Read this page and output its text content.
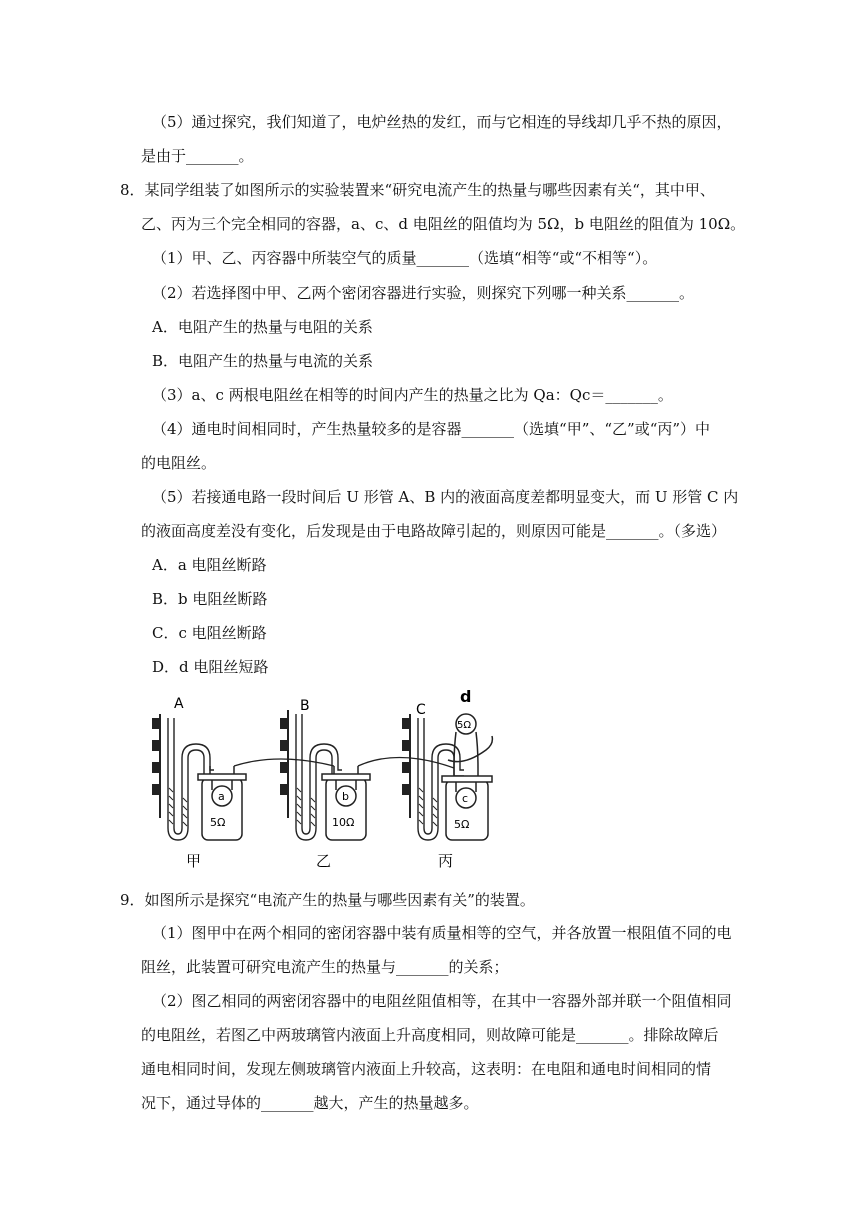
（5）通过探究，我们知道了，电炉丝热的发红，而与它相连的导线却几乎不热的原因，
是由于_______。
8．某同学组装了如图所示的实验装置来“研究电流产生的热量与哪些因素有关“，其中甲、
乙、丙为三个完全相同的容器，a、c、d 电阻丝的阻值均为 5Ω，b 电阻丝的阻值为 10Ω。
（1）甲、乙、丙容器中所装空气的质量_______（选填“相等“或“不相等“）。
（2）若选择图中甲、乙两个密闭容器进行实验，则探究下列哪一种关系_______。
A．电阻产生的热量与电阻的关系
B．电阻产生的热量与电流的关系
（3）a、c 两根电阻丝在相等的时间内产生的热量之比为 Qa：Qc＝_______。
（4）通电时间相同时，产生热量较多的是容器_______（选填“甲”、“乙”或“丙”）中
的电阻丝。
（5）若接通电路一段时间后 U 形管 A、B 内的液面高度差都明显变大，而 U 形管 C 内
的液面高度差没有变化，后发现是由于电路故障引起的，则原因可能是_______。（多选）
A．a 电阻丝断路
B．b 电阻丝断路
C．c 电阻丝断路
D．d 电阻丝短路
A	B	C
d
5Ω
a	b	c
5Ω	10Ω	5Ω
甲	乙	丙
9．如图所示是探究“电流产生的热量与哪些因素有关”的装置。
（1）图甲中在两个相同的密闭容器中装有质量相等的空气，并各放置一根阻值不同的电
阻丝，此装置可研究电流产生的热量与_______的关系；
（2）图乙相同的两密闭容器中的电阻丝阻值相等，在其中一容器外部并联一个阻值相同
的电阻丝，若图乙中两玻璃管内液面上升高度相同，则故障可能是_______。排除故障后
通电相同时间，发现左侧玻璃管内液面上升较高，这表明：在电阻和通电时间相同的情
况下，通过导体的_______越大，产生的热量越多。
